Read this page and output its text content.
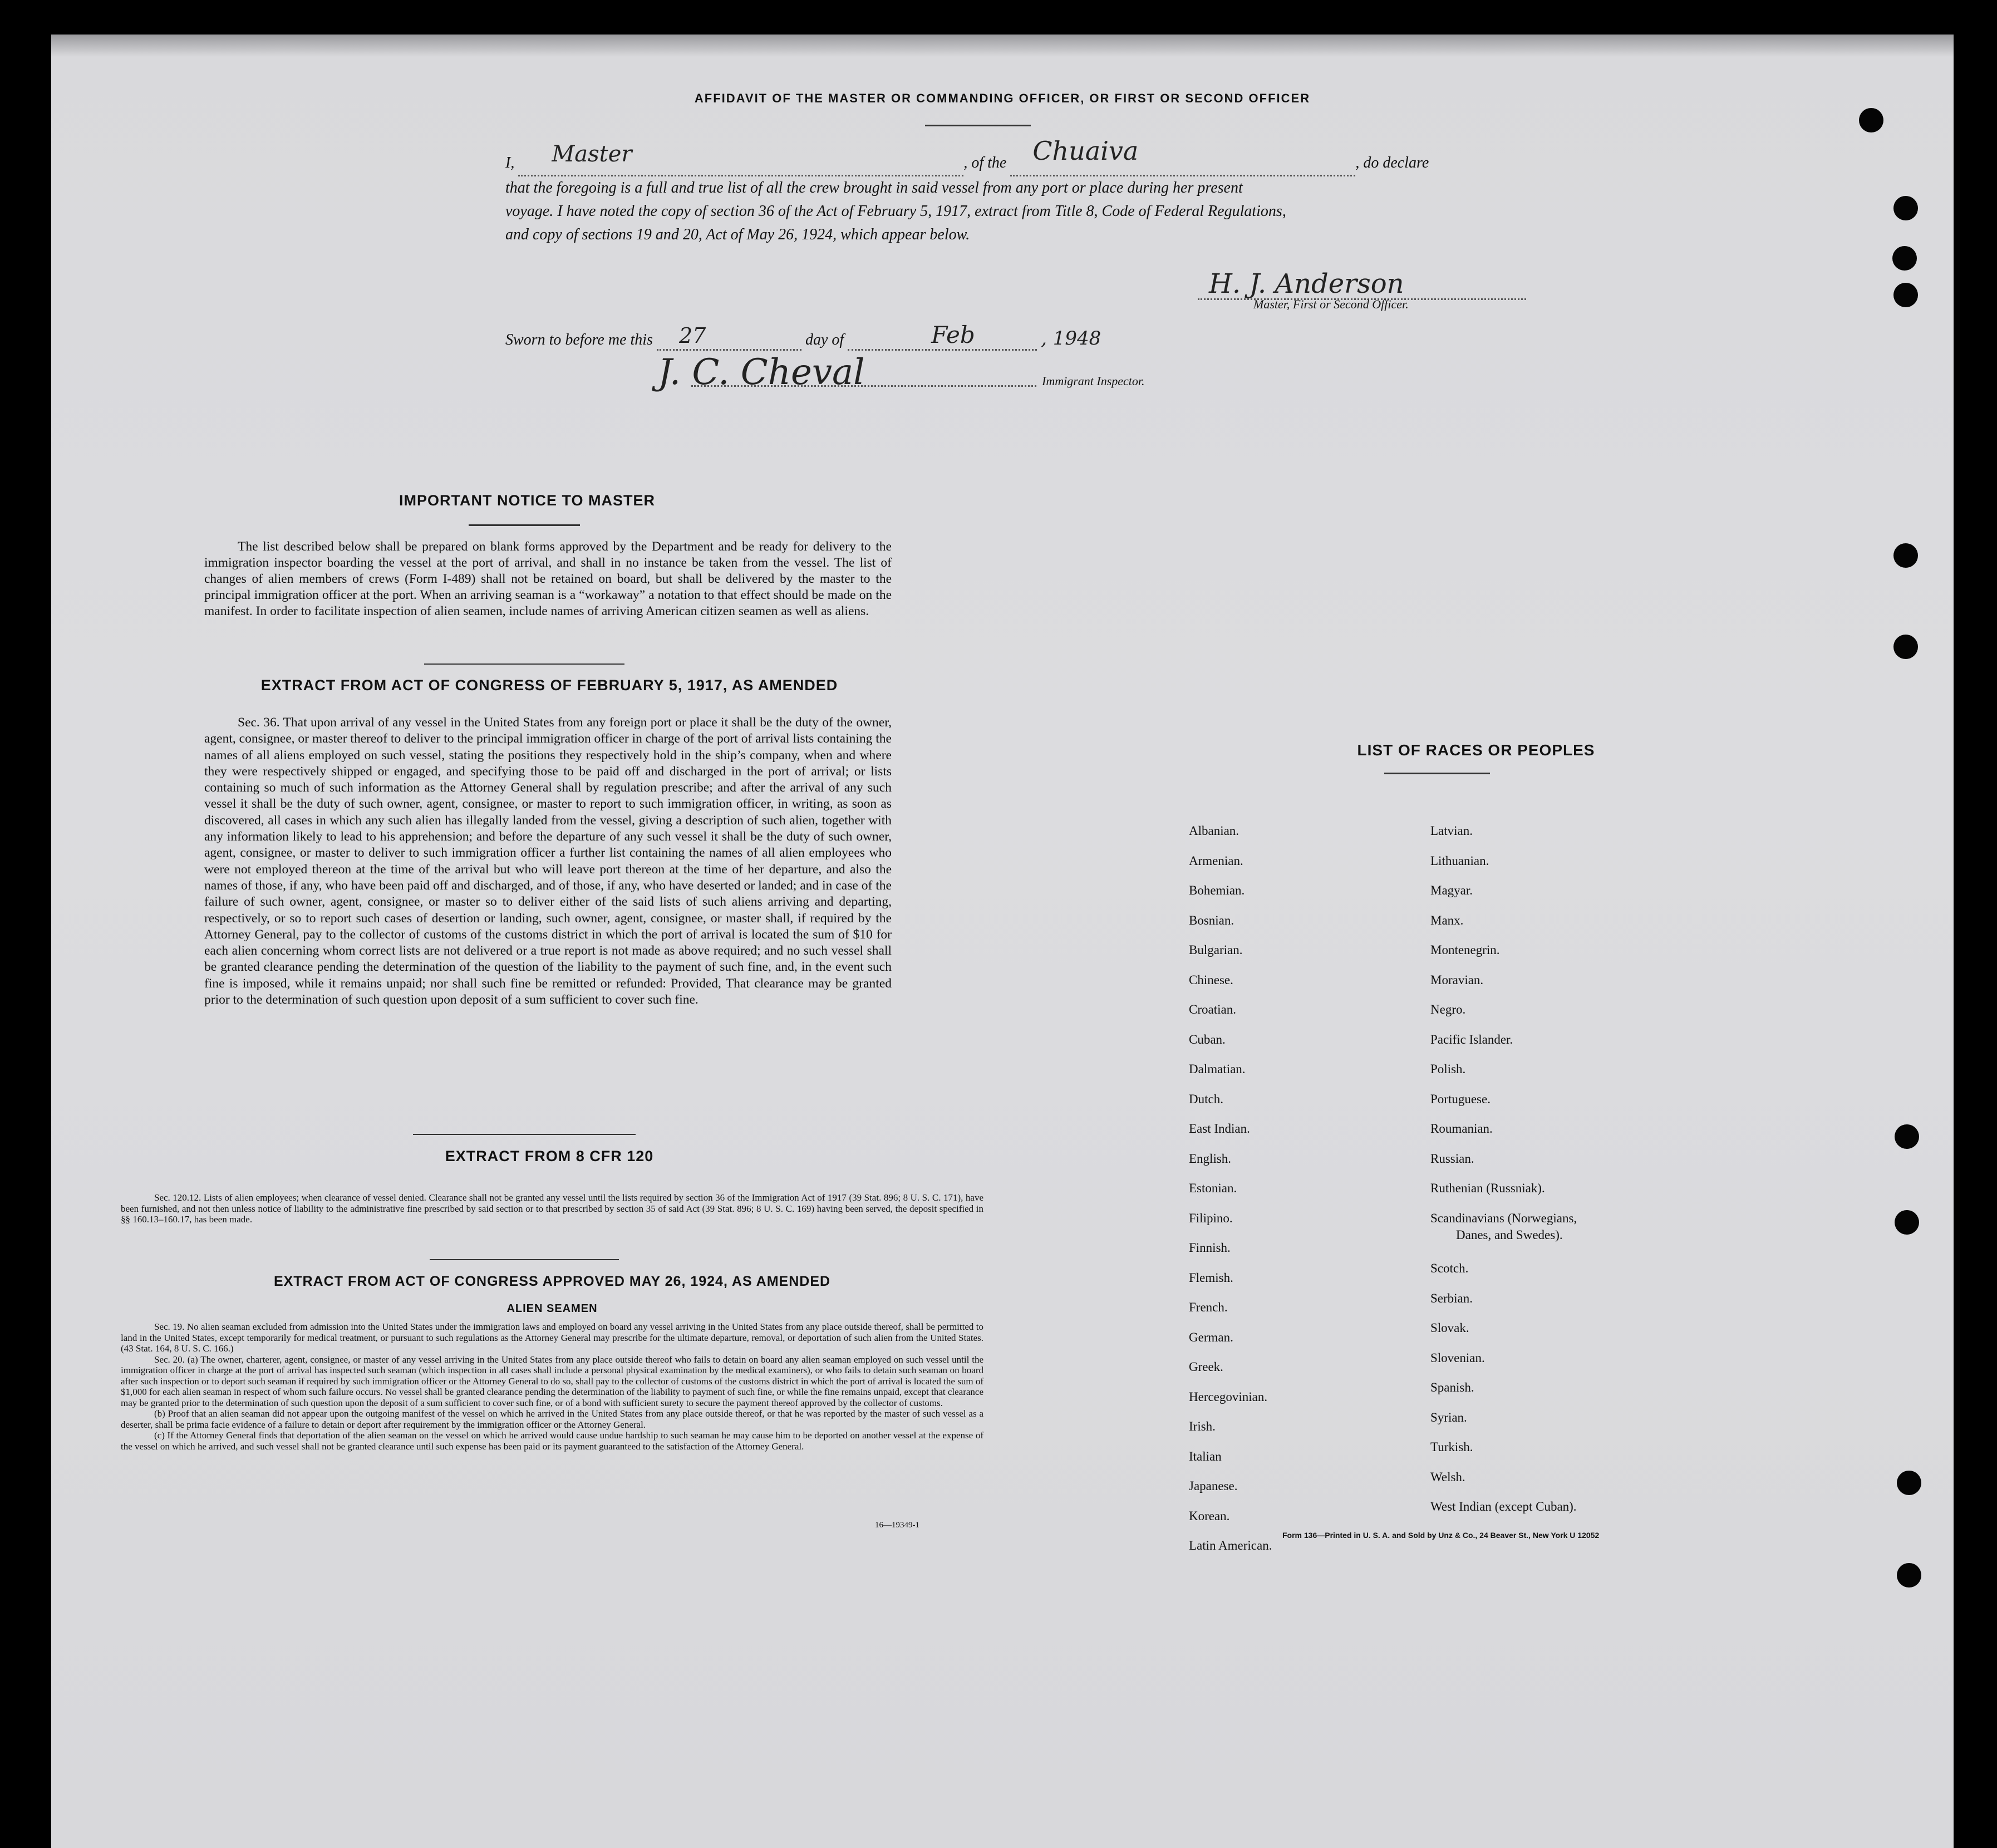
AFFIDAVIT OF THE MASTER OR COMMANDING OFFICER, OR FIRST OR SECOND OFFICER
I, Master	, of the Chuaiva	, do declare
that the foregoing is a full and true list of all the crew brought in said vessel from any port or place during her present
voyage. I have noted the copy of section 36 of the Act of February 5, 1917, extract from Title 8, Code of Federal Regulations,
and copy of sections 19 and 20, Act of May 26, 1924, which appear below.
H. J. Anderson
Master, First or Second Officer.
Sworn to before me this 27	day of	Feb	, 1948
J. C. Cheval	Immigrant Inspector.
IMPORTANT NOTICE TO MASTER
The list described below shall be prepared on blank forms approved by the Department and be ready for delivery to the immigration inspector boarding the vessel at the port of arrival, and shall in no instance be taken from the vessel. The list of changes of alien members of crews (Form I-489) shall not be retained on board, but shall be delivered by the master to the principal immigration officer at the port. When an arriving seaman is a “workaway” a notation to that effect should be made on the manifest. In order to facilitate inspection of alien seamen, include names of arriving American citizen seamen as well as aliens.
EXTRACT FROM ACT OF CONGRESS OF FEBRUARY 5, 1917, AS AMENDED
Sec. 36. That upon arrival of any vessel in the United States from any foreign port or place it shall be the duty of the owner, agent, consignee, or master thereof to deliver to the principal immigration officer in charge of the port of arrival lists containing the names of all aliens employed on such vessel, stating the positions they respectively hold in the ship’s company, when and where they were respectively shipped or engaged, and specifying those to be paid off and discharged in the port of arrival; or lists containing so much of such information as the Attorney General shall by regulation prescribe; and after the arrival of any such vessel it shall be the duty of such owner, agent, consignee, or master to report to such immigration officer, in writing, as soon as discovered, all cases in which any such alien has illegally landed from the vessel, giving a description of such alien, together with any information likely to lead to his apprehension; and before the departure of any such vessel it shall be the duty of such owner, agent, consignee, or master to deliver to such immigration officer a further list containing the names of all alien employees who were not employed thereon at the time of the arrival but who will leave port thereon at the time of her departure, and also the names of those, if any, who have been paid off and discharged, and of those, if any, who have deserted or landed; and in case of the failure of such owner, agent, consignee, or master so to deliver either of the said lists of such aliens arriving and departing, respectively, or so to report such cases of desertion or landing, such owner, agent, consignee, or master shall, if required by the Attorney General, pay to the collector of customs of the customs district in which the port of arrival is located the sum of $10 for each alien concerning whom correct lists are not delivered or a true report is not made as above required; and no such vessel shall be granted clearance pending the determination of the question of the liability to the payment of such fine, and, in the event such fine is imposed, while it remains unpaid; nor shall such fine be remitted or refunded: Provided, That clearance may be granted prior to the determination of such question upon deposit of a sum sufficient to cover such fine.
EXTRACT FROM 8 CFR 120
Sec. 120.12. Lists of alien employees; when clearance of vessel denied. Clearance shall not be granted any vessel until the lists required by section 36 of the Immigration Act of 1917 (39 Stat. 896; 8 U. S. C. 171), have been furnished, and not then unless notice of liability to the administrative fine prescribed by said section or to that prescribed by section 35 of said Act (39 Stat. 896; 8 U. S. C. 169) having been served, the deposit specified in §§ 160.13–160.17, has been made.
EXTRACT FROM ACT OF CONGRESS APPROVED MAY 26, 1924, AS AMENDED
ALIEN SEAMEN

Sec. 19. No alien seaman excluded from admission into the United States under the immigration laws and employed on board any vessel arriving in the United States from any place outside thereof, shall be permitted to land in the United States, except temporarily for medical treatment, or pursuant to such regulations as the Attorney General may prescribe for the ultimate departure, removal, or deportation of such alien from the United States. (43 Stat. 164, 8 U. S. C. 166.)

Sec. 20. (a) The owner, charterer, agent, consignee, or master of any vessel arriving in the United States from any place outside thereof who fails to detain on board any alien seaman employed on such vessel until the immigration officer in charge at the port of arrival has inspected such seaman (which inspection in all cases shall include a personal physical examination by the medical examiners), or who fails to detain such seaman on board after such inspection or to deport such seaman if required by such immigration officer or the Attorney General to do so, shall pay to the collector of customs of the customs district in which the port of arrival is located the sum of $1,000 for each alien seaman in respect of whom such failure occurs. No vessel shall be granted clearance pending the determination of the liability to payment of such fine, or while the fine remains unpaid, except that clearance may be granted prior to the determination of such question upon the deposit of a sum sufficient to cover such fine, or of a bond with sufficient surety to secure the payment thereof approved by the collector of customs.

(b) Proof that an alien seaman did not appear upon the outgoing manifest of the vessel on which he arrived in the United States from any place outside thereof, or that he was reported by the master of such vessel as a deserter, shall be prima facie evidence of a failure to detain or deport after requirement by the immigration officer or the Attorney General.

(c) If the Attorney General finds that deportation of the alien seaman on the vessel on which he arrived would cause undue hardship to such seaman he may cause him to be deported on another vessel at the expense of the vessel on which he arrived, and such vessel shall not be granted clearance until such expense has been paid or its payment guaranteed to the satisfaction of the Attorney General.

16—19349-1
LIST OF RACES OR PEOPLES
Albanian.
Armenian.
Bohemian.
Bosnian.
Bulgarian.
Chinese.
Croatian.
Cuban.
Dalmatian.
Dutch.
East Indian.
English.
Estonian.
Filipino.
Finnish.
Flemish.
French.
German.
Greek.
Hercegovinian.
Irish.
Italian
Japanese.
Korean.
Latin American.
Latvian.
Lithuanian.
Magyar.
Manx.
Montenegrin.
Moravian.
Negro.
Pacific Islander.
Polish.
Portuguese.
Roumanian.
Russian.
Ruthenian (Russniak).
Scandinavians (Norwegians,
Danes, and Swedes).
Scotch.
Serbian.
Slovak.
Slovenian.
Spanish.
Syrian.
Turkish.
Welsh.
West Indian (except Cuban).
Form 136—Printed in U. S. A. and Sold by Unz & Co., 24 Beaver St., New York U 12052
